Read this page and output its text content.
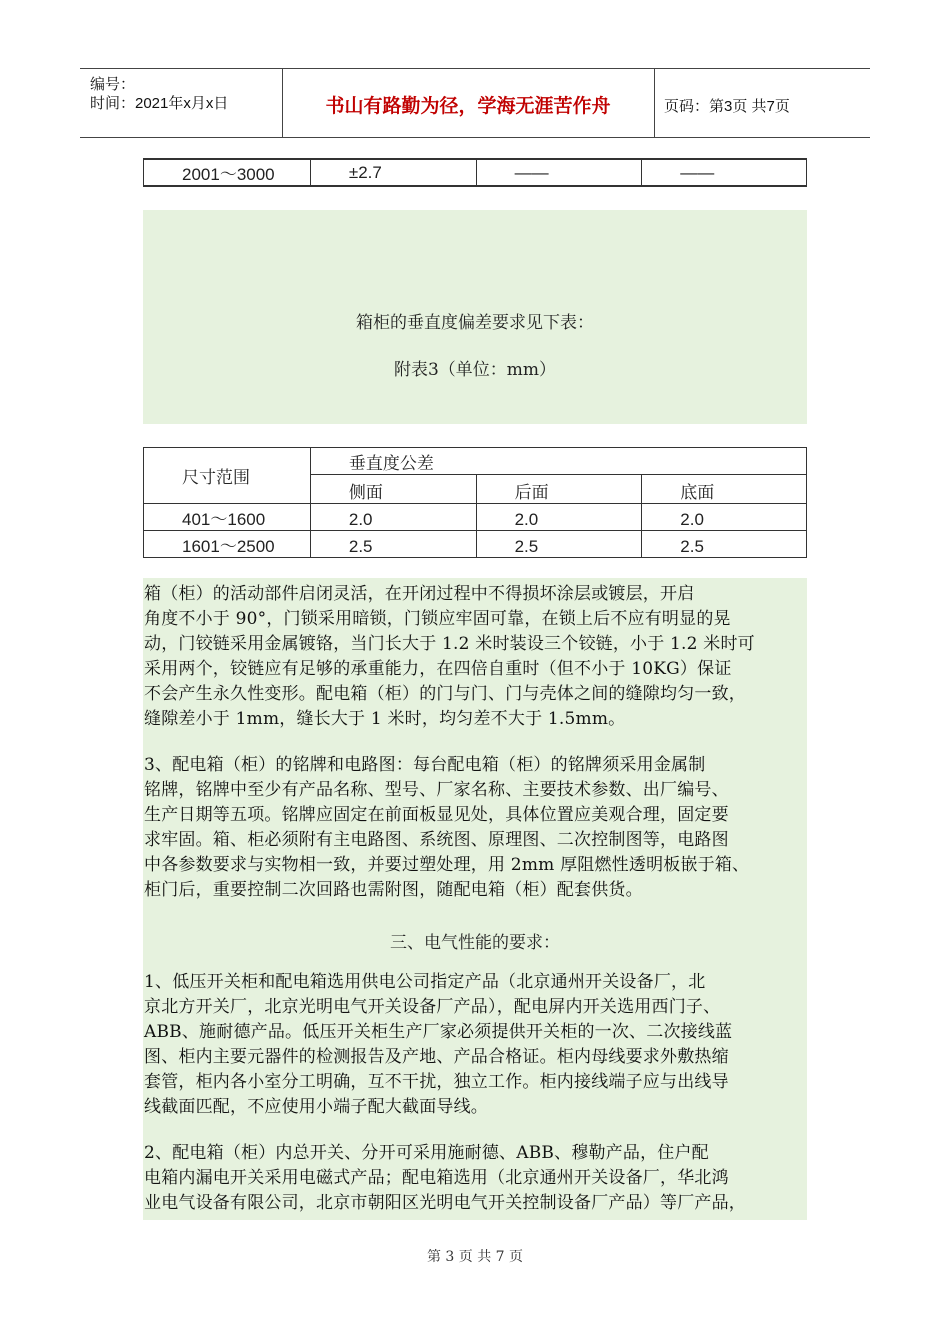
编号：
时间：2021年x月x日	书山有路勤为径，学海无涯苦作舟	页码：第3页 共7页
2001～3000	±2.7	——	——
箱柜的垂直度偏差要求见下表：
附表3（单位：mm）
尺寸范围	垂直度公差		
	侧面	后面	底面
401～1600	2.0	2.0	2.0
1601～2500	2.5	2.5	2.5
箱（柜）的活动部件启闭灵活，在开闭过程中不得损坏涂层或镀层，开启
角度不小于 90°，门锁采用暗锁，门锁应牢固可靠，在锁上后不应有明显的晃
动，门铰链采用金属镀铬，当门长大于 1.2 米时装设三个铰链，小于 1.2 米时可
采用两个，铰链应有足够的承重能力，在四倍自重时（但不小于 10KG）保证
不会产生永久性变形。配电箱（柜）的门与门、门与壳体之间的缝隙均匀一致，
缝隙差小于 1mm，缝长大于 1 米时，均匀差不大于 1.5mm。
3、配电箱（柜）的铭牌和电路图：每台配电箱（柜）的铭牌须采用金属制
铭牌，铭牌中至少有产品名称、型号、厂家名称、主要技术参数、出厂编号、
生产日期等五项。铭牌应固定在前面板显见处，具体位置应美观合理，固定要
求牢固。箱、柜必须附有主电路图、系统图、原理图、二次控制图等，电路图
中各参数要求与实物相一致，并要过塑处理，用 2mm 厚阻燃性透明板嵌于箱、
柜门后，重要控制二次回路也需附图，随配电箱（柜）配套供货。
三、电气性能的要求：
1、低压开关柜和配电箱选用供电公司指定产品（北京通州开关设备厂，北
京北方开关厂，北京光明电气开关设备厂产品），配电屏内开关选用西门子、
ABB、施耐德产品。低压开关柜生产厂家必须提供开关柜的一次、二次接线蓝
图、柜内主要元器件的检测报告及产地、产品合格证。柜内母线要求外敷热缩
套管，柜内各小室分工明确，互不干扰，独立工作。柜内接线端子应与出线导
线截面匹配，不应使用小端子配大截面导线。
2、配电箱（柜）内总开关、分开可采用施耐德、ABB、穆勒产品，住户配
电箱内漏电开关采用电磁式产品；配电箱选用（北京通州开关设备厂，华北鸿
业电气设备有限公司，北京市朝阳区光明电气开关控制设备厂产品）等厂产品，
第 3 页 共 7 页
